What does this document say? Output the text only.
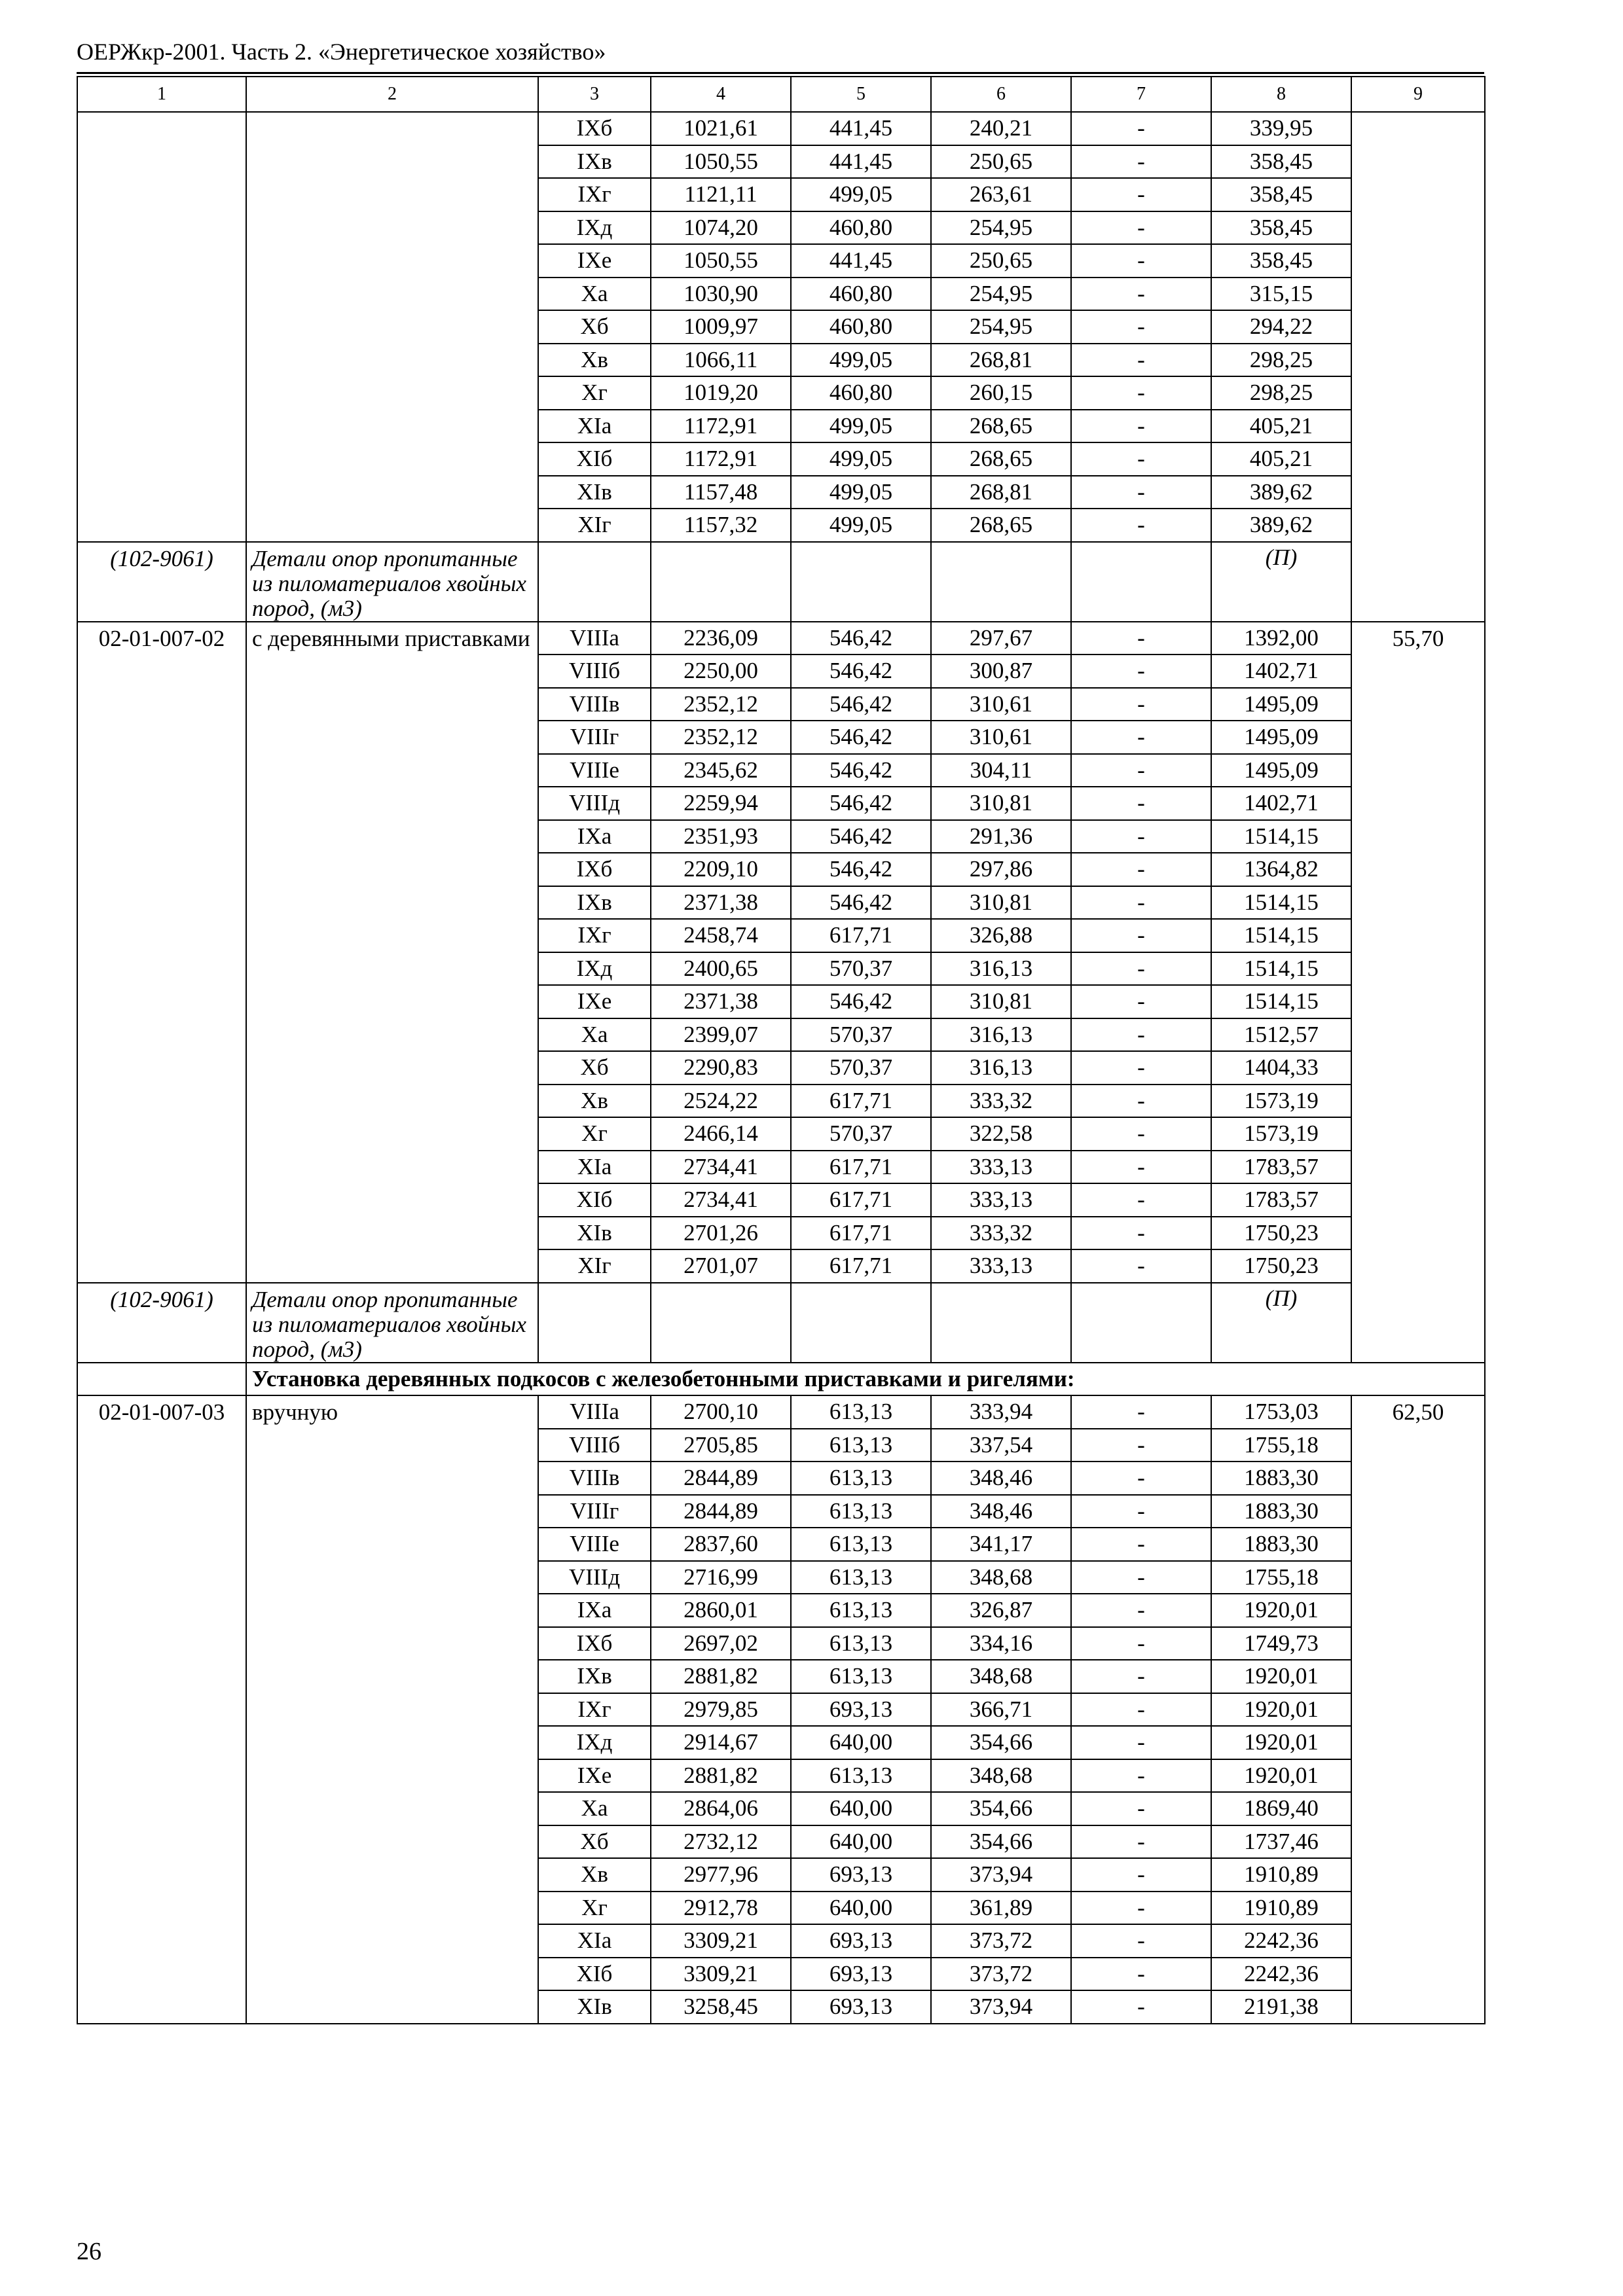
ОЕРЖкр-2001. Часть 2. «Энергетическое хозяйство»
1	2	3	4	5	6	7	8	9
		IXб	1021,61	441,45	240,21	-	339,95	
		IXв	1050,55	441,45	250,65	-	358,45	
		IXг	1121,11	499,05	263,61	-	358,45	
		IXд	1074,20	460,80	254,95	-	358,45	
		IXе	1050,55	441,45	250,65	-	358,45	
		Xа	1030,90	460,80	254,95	-	315,15	
		Xб	1009,97	460,80	254,95	-	294,22	
		Xв	1066,11	499,05	268,81	-	298,25	
		Xг	1019,20	460,80	260,15	-	298,25	
		XIа	1172,91	499,05	268,65	-	405,21	
		XIб	1172,91	499,05	268,65	-	405,21	
		XIв	1157,48	499,05	268,81	-	389,62	
		XIг	1157,32	499,05	268,65	-	389,62	
(102-9061)	Детали опор пропитанные из пиломатериалов хвойных пород, (м3)						(П)	
02-01-007-02	с деревянными приставками	VIIIа	2236,09	546,42	297,67	-	1392,00	55,70
		VIIIб	2250,00	546,42	300,87	-	1402,71	
		VIIIв	2352,12	546,42	310,61	-	1495,09	
		VIIIг	2352,12	546,42	310,61	-	1495,09	
		VIIIе	2345,62	546,42	304,11	-	1495,09	
		VIIIд	2259,94	546,42	310,81	-	1402,71	
		IXа	2351,93	546,42	291,36	-	1514,15	
		IXб	2209,10	546,42	297,86	-	1364,82	
		IXв	2371,38	546,42	310,81	-	1514,15	
		IXг	2458,74	617,71	326,88	-	1514,15	
		IXд	2400,65	570,37	316,13	-	1514,15	
		IXе	2371,38	546,42	310,81	-	1514,15	
		Xа	2399,07	570,37	316,13	-	1512,57	
		Xб	2290,83	570,37	316,13	-	1404,33	
		Xв	2524,22	617,71	333,32	-	1573,19	
		Xг	2466,14	570,37	322,58	-	1573,19	
		XIа	2734,41	617,71	333,13	-	1783,57	
		XIб	2734,41	617,71	333,13	-	1783,57	
		XIв	2701,26	617,71	333,32	-	1750,23	
		XIг	2701,07	617,71	333,13	-	1750,23	
(102-9061)	Детали опор пропитанные из пиломатериалов хвойных пород, (м3)						(П)	
	Установка деревянных подкосов с железобетонными приставками и ригелями:							
02-01-007-03	вручную	VIIIа	2700,10	613,13	333,94	-	1753,03	62,50
		VIIIб	2705,85	613,13	337,54	-	1755,18	
		VIIIв	2844,89	613,13	348,46	-	1883,30	
		VIIIг	2844,89	613,13	348,46	-	1883,30	
		VIIIе	2837,60	613,13	341,17	-	1883,30	
		VIIIд	2716,99	613,13	348,68	-	1755,18	
		IXа	2860,01	613,13	326,87	-	1920,01	
		IXб	2697,02	613,13	334,16	-	1749,73	
		IXв	2881,82	613,13	348,68	-	1920,01	
		IXг	2979,85	693,13	366,71	-	1920,01	
		IXд	2914,67	640,00	354,66	-	1920,01	
		IXе	2881,82	613,13	348,68	-	1920,01	
		Xа	2864,06	640,00	354,66	-	1869,40	
		Xб	2732,12	640,00	354,66	-	1737,46	
		Xв	2977,96	693,13	373,94	-	1910,89	
		Xг	2912,78	640,00	361,89	-	1910,89	
		XIа	3309,21	693,13	373,72	-	2242,36	
		XIб	3309,21	693,13	373,72	-	2242,36	
		XIв	3258,45	693,13	373,94	-	2191,38	
26
